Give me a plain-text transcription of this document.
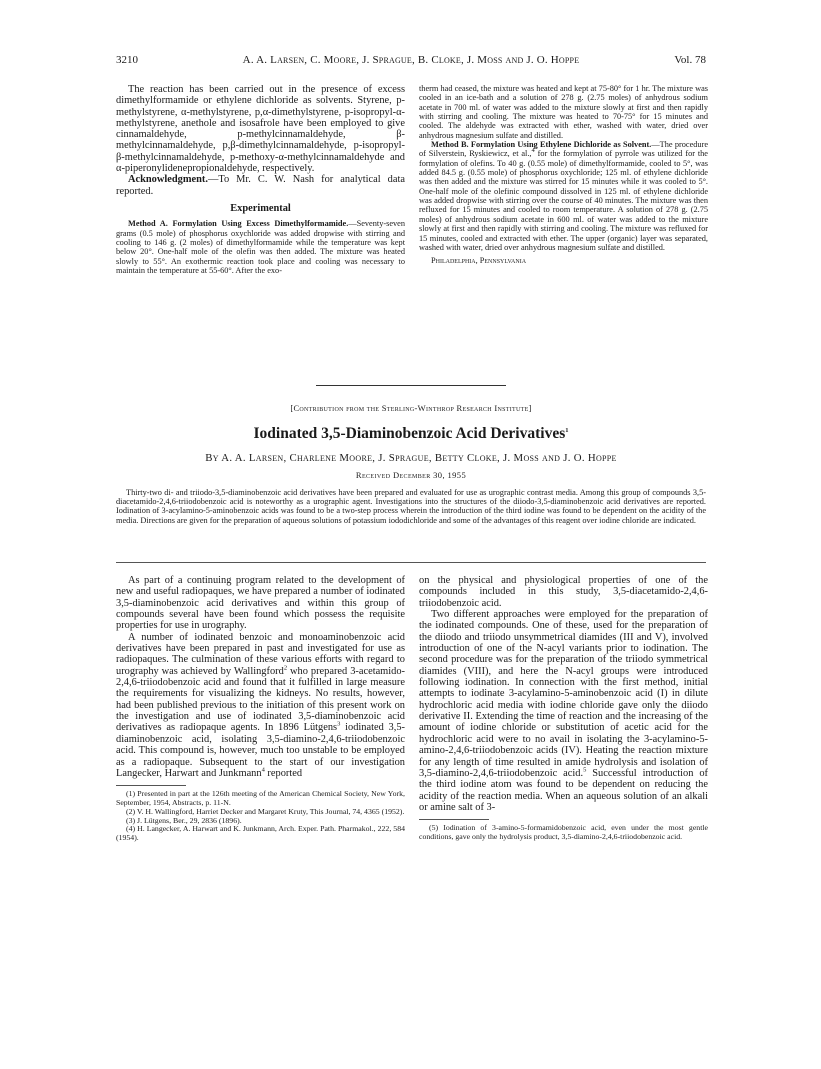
3210	A. A. Larsen, C. Moore, J. Sprague, B. Cloke, J. Moss and J. O. Hoppe	Vol. 78

The reaction has been carried out in the presence of excess dimethylformamide or ethylene dichloride as solvents. Styrene, p-methylstyrene, α-methylstyrene, p,α-dimethylstyrene, p-isopropyl-α-methylstyrene, anethole and isosafrole have been employed to give cinnamaldehyde, p-methylcinnamaldehyde, β-methylcinnamaldehyde, p,β-dimethylcinnamaldehyde, p-isopropyl-β-methylcinnamaldehyde, p-methoxy-α-methylcinnamaldehyde and α-piperonylidenepropionaldehyde, respectively.

Acknowledgment.—To Mr. C. W. Nash for analytical data reported.

Experimental

Method A. Formylation Using Excess Dimethylformamide.—Seventy-seven grams (0.5 mole) of phosphorus oxychloride was added dropwise with stirring and cooling to 146 g. (2 moles) of dimethylformamide while the temperature was kept below 20°. One-half mole of the olefin was then added. The mixture was heated slowly to 55°. An exothermic reaction took place and cooling was necessary to maintain the temperature at 55-60°. After the exo-

therm had ceased, the mixture was heated and kept at 75-80° for 1 hr. The mixture was cooled in an ice-bath and a solution of 278 g. (2.75 moles) of anhydrous sodium acetate in 700 ml. of water was added to the mixture slowly at first and then rapidly with stirring and cooling. The mixture was heated to 70-75° for 15 minutes and cooled. The aldehyde was extracted with ether, washed with water, dried over anhydrous magnesium sulfate and distilled.

Method B. Formylation Using Ethylene Dichloride as Solvent.—The procedure of Silverstein, Ryskiewicz, et al.,$^4$ for the formylation of pyrrole was utilized for the formylation of olefins. To 40 g. (0.55 mole) of dimethylformamide, cooled to 5°, was added 84.5 g. (0.55 mole) of phosphorus oxychloride; 125 ml. of ethylene dichloride was then added and the mixture was stirred for 15 minutes while it was cooled to 5°. One-half mole of the olefinic compound dissolved in 125 ml. of ethylene dichloride was added dropwise with stirring over the course of 40 minutes. The mixture was then refluxed for 15 minutes and cooled to room temperature. A solution of 278 g. (2.75 moles) of anhydrous sodium acetate in 600 ml. of water was added to the mixture slowly at first and then rapidly with stirring and cooling. The mixture was refluxed for 15 minutes, cooled and extracted with ether. The upper (organic) layer was separated, washed with water, dried over anhydrous magnesium sulfate and distilled.

Philadelphia, Pennsylvania

[Contribution from the Sterling-Winthrop Research Institute]
Iodinated 3,5-Diaminobenzoic Acid Derivatives$^1$
By A. A. Larsen, Charlene Moore, J. Sprague, Betty Cloke, J. Moss and J. O. Hoppe
Received December 30, 1955
Thirty-two di- and triiodo-3,5-diaminobenzoic acid derivatives have been prepared and evaluated for use as urographic contrast media. Among this group of compounds 3,5-diacetamido-2,4,6-triiodobenzoic acid is noteworthy as a urographic agent. Investigations into the structures of the diiodo-3,5-diaminobenzoic acid derivatives are reported. Iodination of 3-acylamino-5-aminobenzoic acids was found to be a two-step process wherein the introduction of the third iodine was found to be dependent on the acidity of the media. Directions are given for the preparation of aqueous solutions of potassium iododichloride and some of the advantages of this reagent over iodine chloride are indicated.

As part of a continuing program related to the development of new and useful radiopaques, we have prepared a number of iodinated 3,5-diaminobenzoic acid derivatives and within this group of compounds several have been found which possess the requisite properties for use in urography.

A number of iodinated benzoic and monoaminobenzoic acid derivatives have been prepared in past and investigated for use as radiopaques. The culmination of these various efforts with regard to urography was achieved by Wallingford$^2$ who prepared 3-acetamido-2,4,6-triiodobenzoic acid and found that it fulfilled in large measure the requirements for visualizing the kidneys. No results, however, had been published previous to the initiation of this present work on the investigation and use of iodinated 3,5-diaminobenzoic acid derivatives as radiopaque agents. In 1896 Lütgens$^3$ iodinated 3,5-diaminobenzoic acid, isolating 3,5-diamino-2,4,6-triiodobenzoic acid. This compound is, however, much too unstable to be employed as a radiopaque. Subsequent to the start of our investigation Langecker, Harwart and Junkmann$^4$ reported

(1) Presented in part at the 126th meeting of the American Chemical Society, New York, September, 1954, Abstracts, p. 11-N.

(2) V. H. Wallingford, Harriet Decker and Margaret Kruty, This Journal, 74, 4365 (1952).

(3) J. Lütgens, Ber., 29, 2836 (1896).

(4) H. Langecker, A. Harwart and K. Junkmann, Arch. Exper. Path. Pharmakol., 222, 584 (1954).

on the physical and physiological properties of one of the compounds included in this study, 3,5-diacetamido-2,4,6-triiodobenzoic acid.

Two different approaches were employed for the preparation of the iodinated compounds. One of these, used for the preparation of the diiodo and triiodo unsymmetrical diamides (III and V), involved introduction of one of the N-acyl variants prior to iodination. The second procedure was for the preparation of the triiodo symmetrical diamides (VIII), and here the N-acyl groups were introduced following iodination. In connection with the first method, initial attempts to iodinate 3-acylamino-5-aminobenzoic acid (I) in dilute hydrochloric acid media with iodine chloride gave only the diiodo derivative II. Extending the time of reaction and the increasing of the amount of iodine chloride or substitution of acetic acid for the hydrochloric acid were to no avail in isolating the 3-acylamino-5-amino-2,4,6-triiodobenzoic acids (IV). Heating the reaction mixture for any length of time resulted in amide hydrolysis and isolation of 3,5-diamino-2,4,6-triiodobenzoic acid.$^5$ Successful introduction of the third iodine atom was found to be dependent on reducing the acidity of the reaction media. When an aqueous solution of an alkali or amine salt of 3-

(5) Iodination of 3-amino-5-formamidobenzoic acid, even under the most gentle conditions, gave only the hydrolysis product, 3,5-diamino-2,4,6-triiodobenzoic acid.
